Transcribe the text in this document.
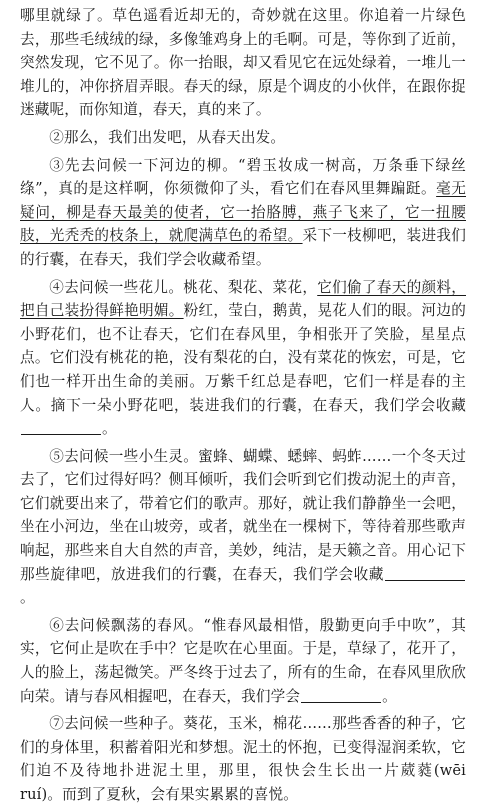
哪里就绿了。草色遥看近却无的，奇妙就在这里。你追着一片绿色去，那些毛绒绒的绿，多像雏鸡身上的毛啊。可是，等你到了近前，突然发现，它不见了。你一抬眼，却又看见它在远处绿着，一堆儿一堆儿的，冲你挤眉弄眼。春天的绿，原是个调皮的小伙伴，在跟你捉迷藏呢，而你知道，春天，真的来了。

②那么，我们出发吧，从春天出发。

③先去问候一下河边的柳。“碧玉妆成一树高，万条垂下绿丝绦”，真的是这样啊，你须微仰了头，看它们在春风里舞蹁跹。毫无疑问，柳是春天最美的使者，它一抬胳膊，燕子飞来了，它一扭腰肢，光秃秃的枝条上，就爬满草色的希望。采下一枝柳吧，装进我们的行囊，在春天，我们学会收藏希望。

④去问候一些花儿。桃花、梨花、菜花，它们偷了春天的颜料，把自己装扮得鲜艳明媚。粉红，莹白，鹅黄，晃花人们的眼。河边的小野花们，也不让春天，它们在春风里，争相张开了笑脸，星星点点。它们没有桃花的艳，没有梨花的白，没有菜花的恢宏，可是，它们也一样开出生命的美丽。万紫千红总是春吧，它们一样是春的主人。摘下一朵小野花吧，装进我们的行囊，在春天，我们学会收藏。

⑤去问候一些小生灵。蜜蜂、蝴蝶、蟋蟀、蚂蚱……一个冬天过去了，它们过得好吗？侧耳倾听，我们会听到它们拨动泥土的声音，它们就要出来了，带着它们的歌声。那好，就让我们静静坐一会吧，坐在小河边，坐在山坡旁，或者，就坐在一棵树下，等待着那些歌声响起，那些来自大自然的声音，美妙，纯洁，是天籁之音。用心记下那些旋律吧，放进我们的行囊，在春天，我们学会收藏。

⑥去问候飘荡的春风。“惟春风最相惜，殷勤更向手中吹”，其实，它何止是吹在手中？它是吹在心里面。于是，草绿了，花开了，人的脸上，荡起微笑。严冬终于过去了，所有的生命，在春风里欣欣向荣。请与春风相握吧，在春天，我们学会	。

⑦去问候一些种子。葵花，玉米，棉花……那些香香的种子，它们的身体里，积蓄着阳光和梦想。泥土的怀抱，已变得湿润柔软，它们迫不及待地扑进泥土里，那里，很快会生长出一片葳蕤(wēi ruí)。而到了夏秋，会有果实累累的喜悦。
